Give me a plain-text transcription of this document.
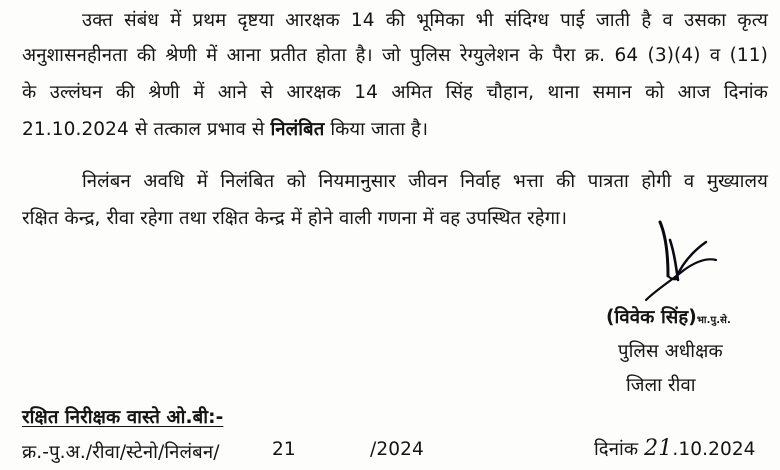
उक्त संबंध में प्रथम दृष्टया आरक्षक 14 की भूमिका भी संदिग्ध पाई जाती है व उसका कृत्य
अनुशासनहीनता की श्रेणी में आना प्रतीत होता है। जो पुलिस रेग्युलेशन के पैरा क्र. 64 (3)(4) व (11)
के उल्लंघन की श्रेणी में आने से आरक्षक 14 अमित सिंह चौहान, थाना समान को आज दिनांक
21.10.2024 से तत्काल प्रभाव से निलंबित किया जाता है।
निलंबन अवधि में निलंबित को नियमानुसार जीवन निर्वाह भत्ता की पात्रता होगी व मुख्यालय
रक्षित केन्द्र, रीवा रहेगा तथा रक्षित केन्द्र में होने वाली गणना में वह उपस्थित रहेगा।
(विवेक सिंह)भा.पु.से.
पुलिस अधीक्षक
जिला रीवा
रक्षित निरीक्षक वास्ते ओ.बी:-
क्र.-पु.अ./रीवा/स्टेनो/निलंबन/	21	/2024	दिनांक 21.10.2024
